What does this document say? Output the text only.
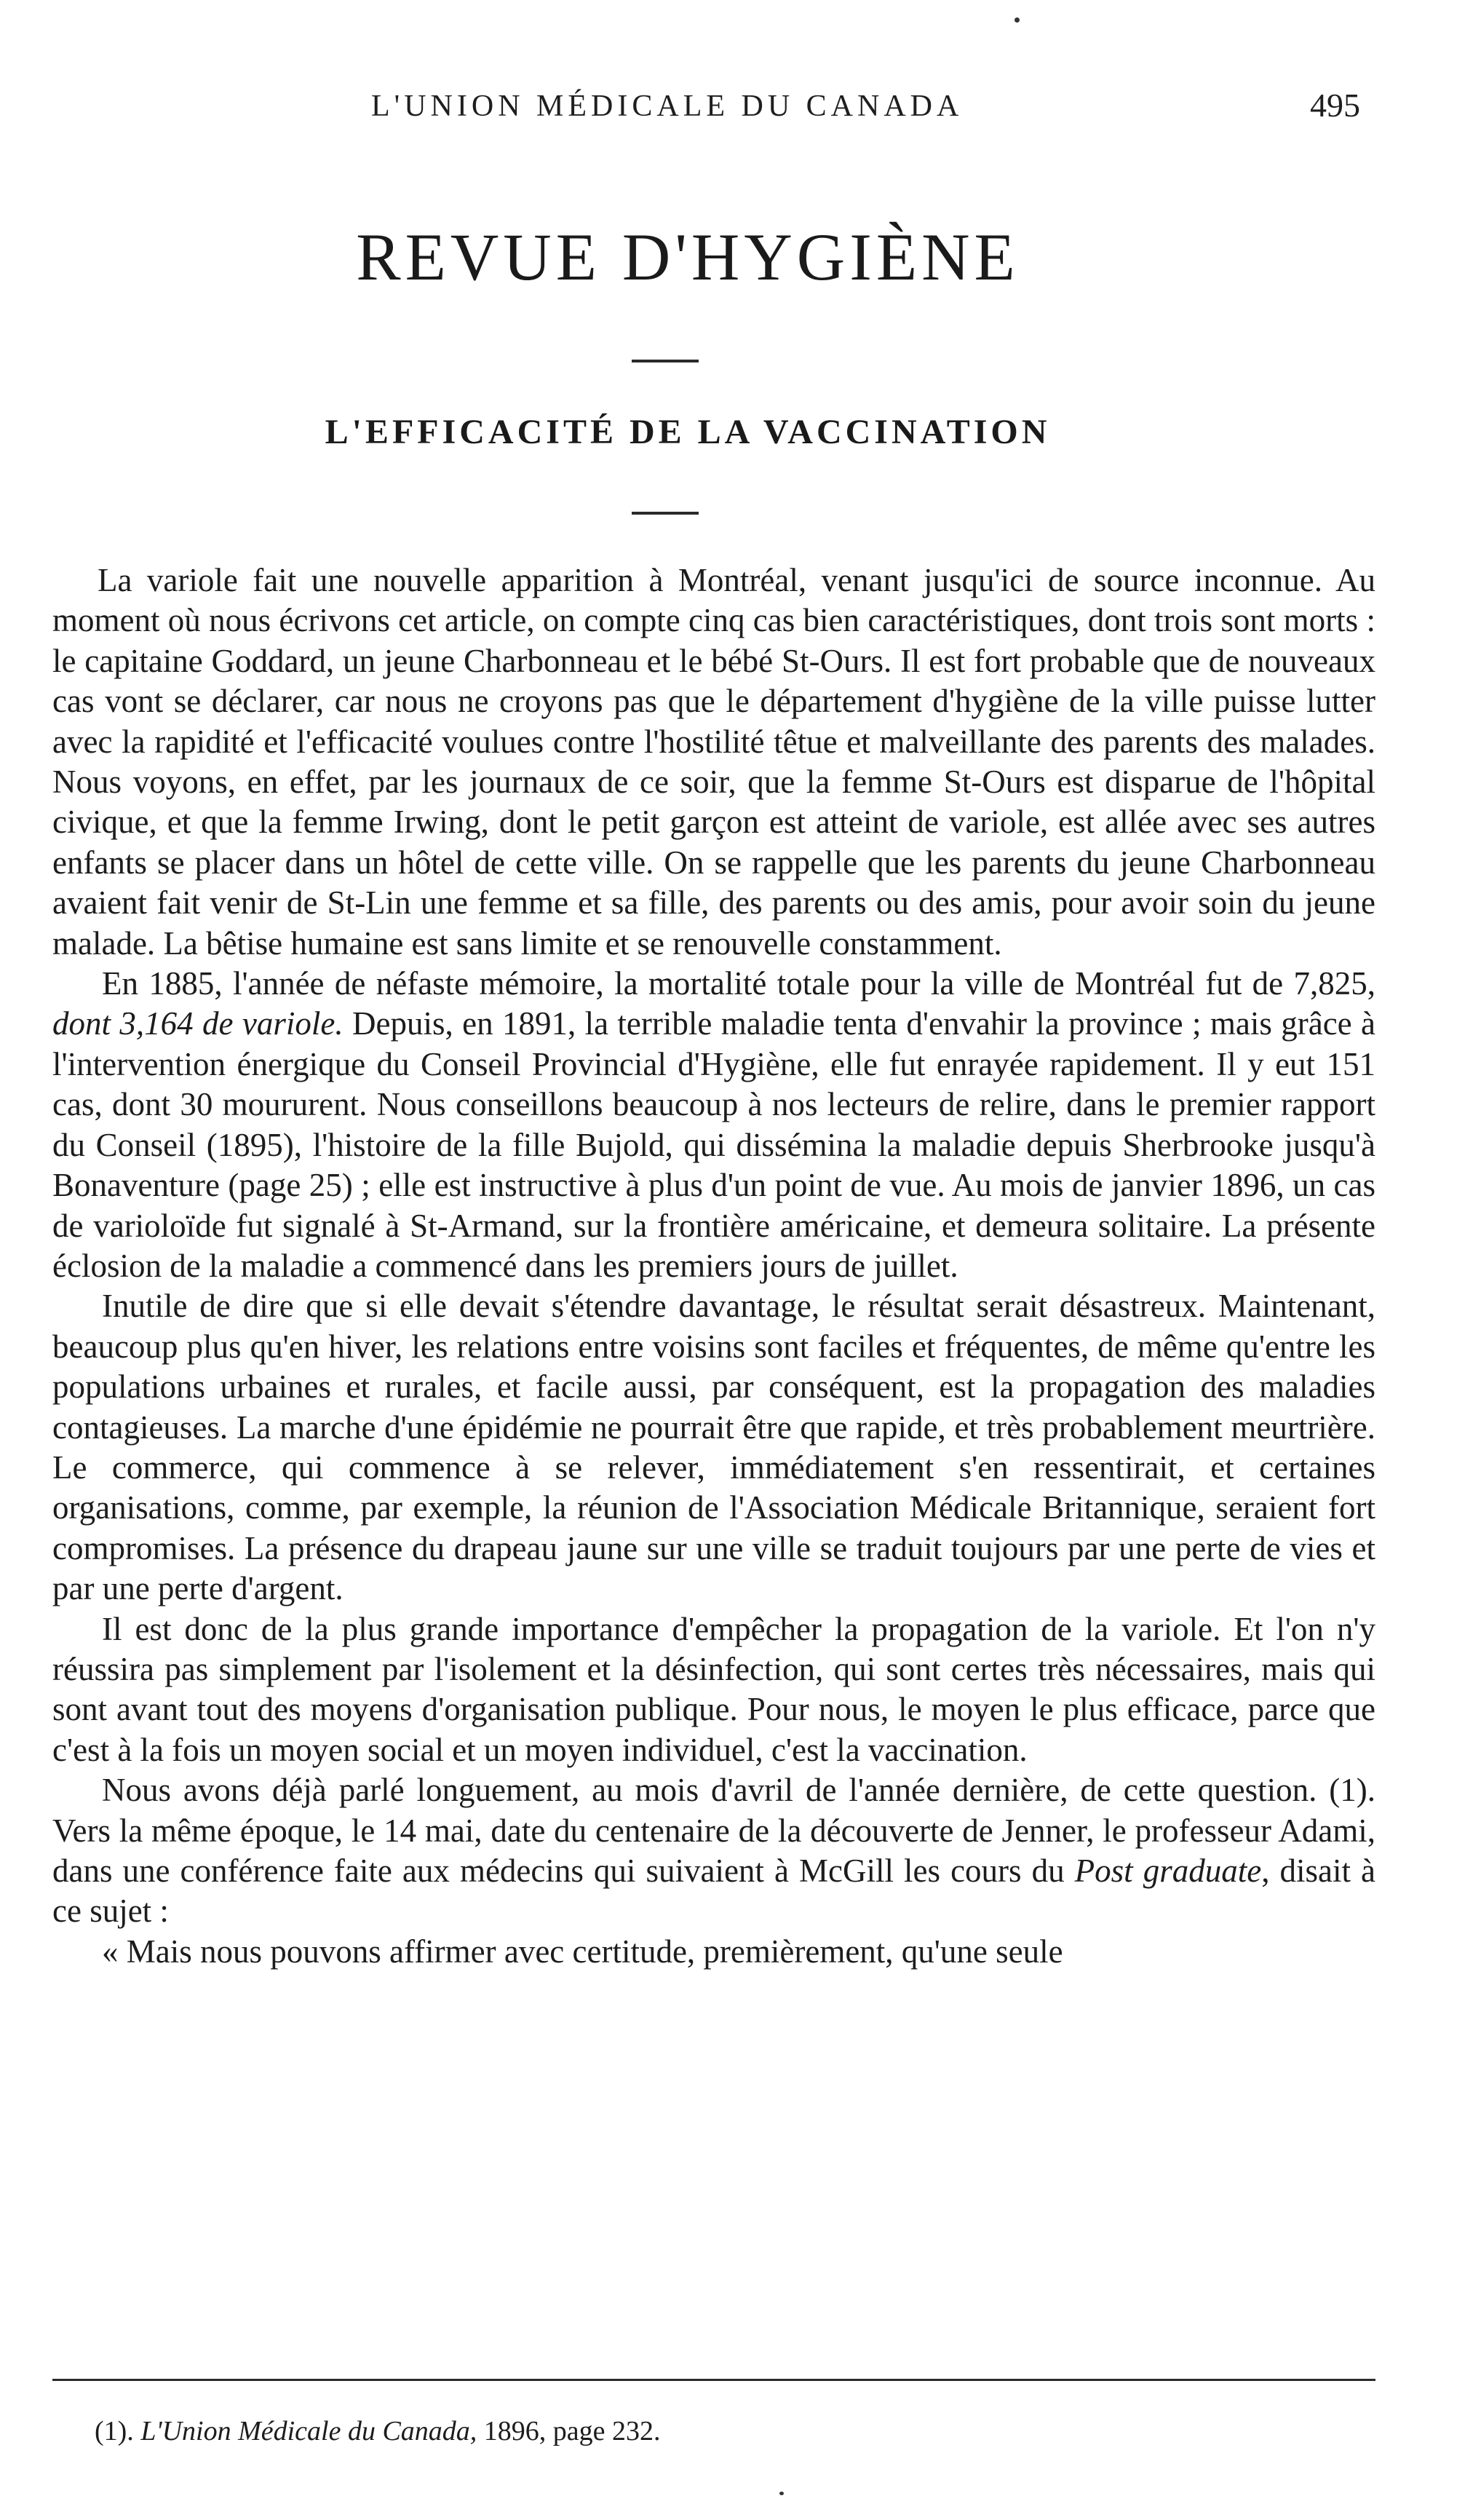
L'UNION MÉDICALE DU CANADA	495
REVUE D'HYGIÈNE
L'EFFICACITÉ DE LA VACCINATION

La variole fait une nouvelle apparition à Montréal, venant jusqu'ici de source inconnue. Au moment où nous écrivons cet article, on compte cinq cas bien caractéristiques, dont trois sont morts : le capitaine Goddard, un jeune Charbonneau et le bébé St-Ours. Il est fort probable que de nouveaux cas vont se déclarer, car nous ne croyons pas que le département d'hygiène de la ville puisse lutter avec la rapidité et l'efficacité voulues contre l'hostilité têtue et malveillante des parents des malades. Nous voyons, en effet, par les journaux de ce soir, que la femme St-Ours est disparue de l'hôpital civique, et que la femme Irwing, dont le petit garçon est atteint de variole, est allée avec ses autres enfants se placer dans un hôtel de cette ville. On se rappelle que les parents du jeune Charbonneau avaient fait venir de St-Lin une femme et sa fille, des parents ou des amis, pour avoir soin du jeune malade. La bêtise humaine est sans limite et se renouvelle constamment.

En 1885, l'année de néfaste mémoire, la mortalité totale pour la ville de Montréal fut de 7,825, dont 3,164 de variole. Depuis, en 1891, la terrible maladie tenta d'envahir la province ; mais grâce à l'intervention énergique du Conseil Provincial d'Hygiène, elle fut enrayée rapidement. Il y eut 151 cas, dont 30 moururent. Nous conseillons beaucoup à nos lecteurs de relire, dans le premier rapport du Conseil (1895), l'histoire de la fille Bujold, qui dissémina la maladie depuis Sherbrooke jusqu'à Bonaventure (page 25) ; elle est instructive à plus d'un point de vue. Au mois de janvier 1896, un cas de varioloïde fut signalé à St-Armand, sur la frontière américaine, et demeura solitaire. La présente éclosion de la maladie a commencé dans les premiers jours de juillet.

Inutile de dire que si elle devait s'étendre davantage, le résultat serait désastreux. Maintenant, beaucoup plus qu'en hiver, les relations entre voisins sont faciles et fréquentes, de même qu'entre les populations urbaines et rurales, et facile aussi, par conséquent, est la propagation des maladies contagieuses. La marche d'une épidémie ne pourrait être que rapide, et très probablement meurtrière. Le commerce, qui commence à se relever, immédiatement s'en ressentirait, et certaines organisations, comme, par exemple, la réunion de l'Association Médicale Britannique, seraient fort compromises. La présence du drapeau jaune sur une ville se traduit toujours par une perte de vies et par une perte d'argent.

Il est donc de la plus grande importance d'empêcher la propagation de la variole. Et l'on n'y réussira pas simplement par l'isolement et la désinfection, qui sont certes très nécessaires, mais qui sont avant tout des moyens d'organisation publique. Pour nous, le moyen le plus efficace, parce que c'est à la fois un moyen social et un moyen individuel, c'est la vaccination.

Nous avons déjà parlé longuement, au mois d'avril de l'année dernière, de cette question. (1). Vers la même époque, le 14 mai, date du centenaire de la découverte de Jenner, le professeur Adami, dans une conférence faite aux médecins qui suivaient à McGill les cours du Post graduate, disait à ce sujet :

« Mais nous pouvons affirmer avec certitude, premièrement, qu'une seule

(1). L'Union Médicale du Canada, 1896, page 232.
